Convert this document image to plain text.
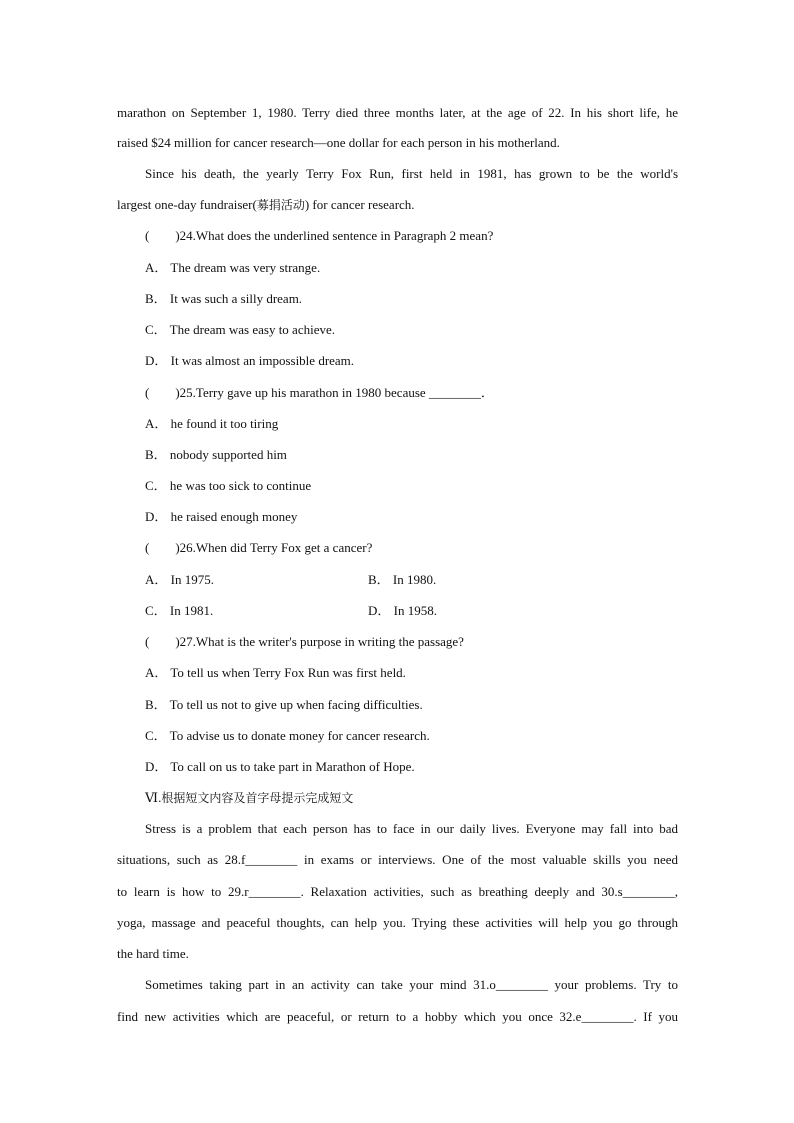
marathon on September 1, 1980. Terry died three months later, at the age of 22. In his short life, he
raised $24 million for cancer research—one dollar for each person in his motherland.
Since his death, the yearly Terry Fox Run, first held in 1981, has grown to be the world's
largest one-day fundraiser(募捐活动) for cancer research.
(  )24.What does the underlined sentence in Paragraph 2 mean?
A． The dream was very strange.
B． It was such a silly dream.
C． The dream was easy to achieve.
D． It was almost an impossible dream.
(  )25.Terry gave up his marathon in 1980 because ________．
A． he found it too tiring
B． nobody supported him
C． he was too sick to continue
D． he raised enough money
(  )26.When did Terry Fox get a cancer?
A． In 1975.	B． In 1980.
C． In 1981.	D． In 1958.
(  )27.What is the writer's purpose in writing the passage?
A． To tell us when Terry Fox Run was first held.
B． To tell us not to give up when facing difficulties.
C． To advise us to donate money for cancer research.
D． To call on us to take part in Marathon of Hope.
Ⅵ.根据短文内容及首字母提示完成短文
Stress is a problem that each person has to face in our daily lives. Everyone may fall into bad
situations, such as 28.f________ in exams or interviews. One of the most valuable skills you need
to learn is how to 29.r________. Relaxation activities, such as breathing deeply and 30.s________,
yoga, massage and peaceful thoughts, can help you. Trying these activities will help you go through
the hard time.
Sometimes taking part in an activity can take your mind 31.o________ your problems. Try to
find new activities which are peaceful, or return to a hobby which you once 32.e________. If you
